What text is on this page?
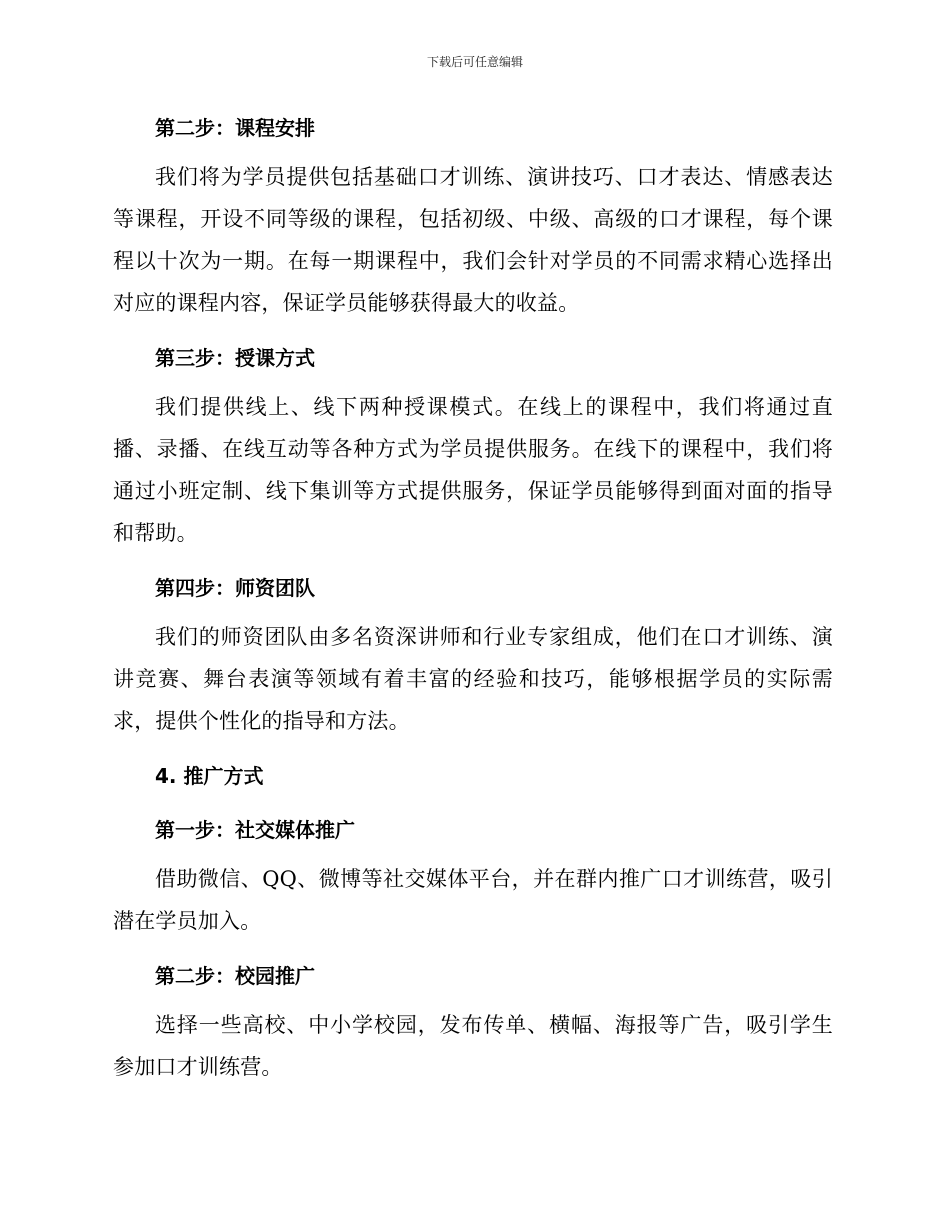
下载后可任意编辑
第二步：课程安排

我们将为学员提供包括基础口才训练、演讲技巧、口才表达、情感表达等课程，开设不同等级的课程，包括初级、中级、高级的口才课程，每个课程以十次为一期。在每一期课程中，我们会针对学员的不同需求精心选择出对应的课程内容，保证学员能够获得最大的收益。

第三步：授课方式

我们提供线上、线下两种授课模式。在线上的课程中，我们将通过直播、录播、在线互动等各种方式为学员提供服务。在线下的课程中，我们将通过小班定制、线下集训等方式提供服务，保证学员能够得到面对面的指导和帮助。

第四步：师资团队

我们的师资团队由多名资深讲师和行业专家组成，他们在口才训练、演讲竞赛、舞台表演等领域有着丰富的经验和技巧，能够根据学员的实际需求，提供个性化的指导和方法。

4. 推广方式
第一步：社交媒体推广

借助微信、QQ、微博等社交媒体平台，并在群内推广口才训练营，吸引潜在学员加入。

第二步：校园推广

选择一些高校、中小学校园，发布传单、横幅、海报等广告，吸引学生参加口才训练营。
